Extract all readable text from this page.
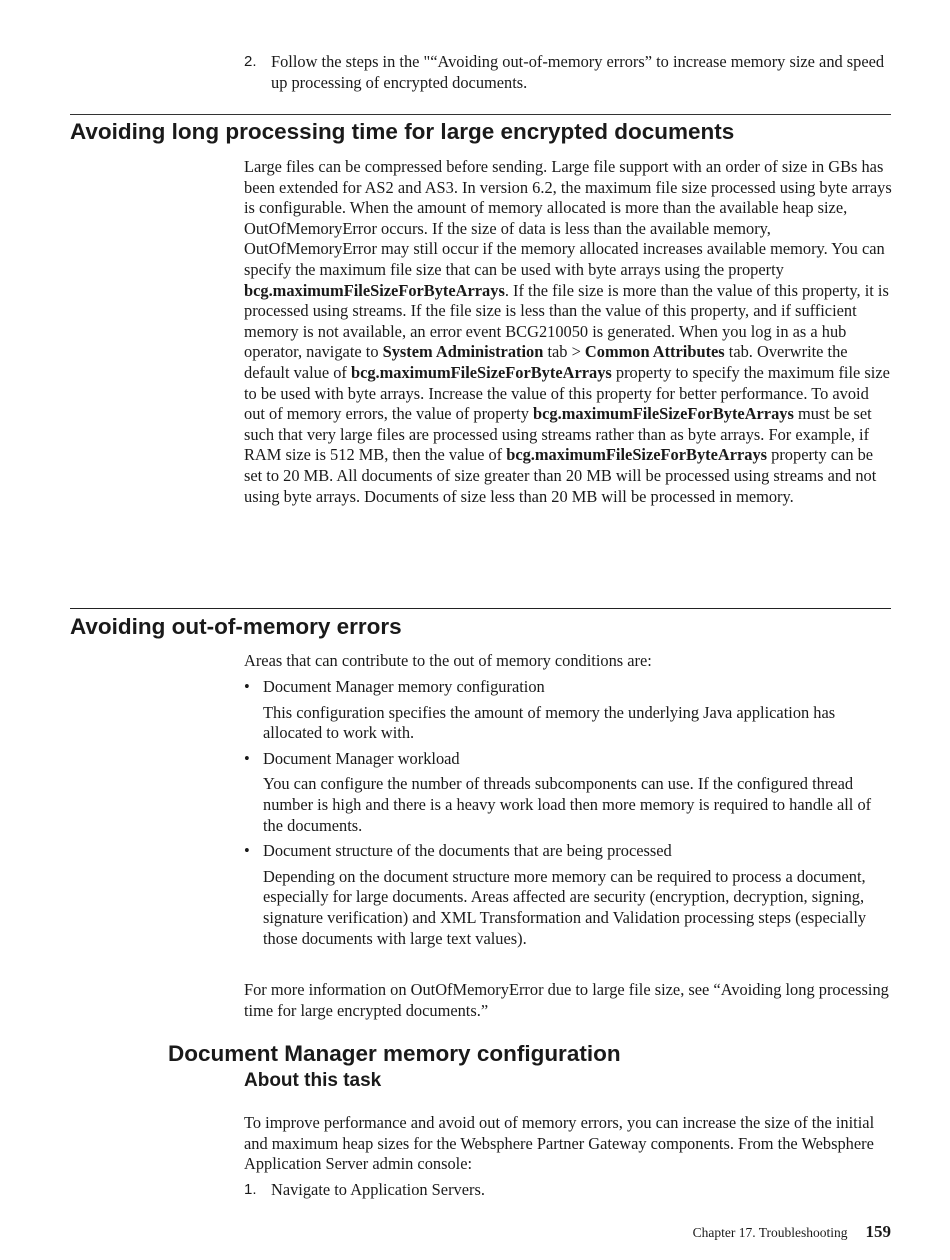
2. Follow the steps in the "“Avoiding out-of-memory errors” to increase memory size and speed up processing of encrypted documents.
Avoiding long processing time for large encrypted documents

Large files can be compressed before sending. Large file support with an order of size in GBs has been extended for AS2 and AS3. In version 6.2, the maximum file size processed using byte arrays is configurable. When the amount of memory allocated is more than the available heap size, OutOfMemoryError occurs. If the size of data is less than the available memory, OutOfMemoryError may still occur if the memory allocated increases available memory. You can specify the maximum file size that can be used with byte arrays using the property bcg.maximumFileSizeForByteArrays. If the file size is more than the value of this property, it is processed using streams. If the file size is less than the value of this property, and if sufficient memory is not available, an error event BCG210050 is generated. When you log in as a hub operator, navigate to System Administration tab > Common Attributes tab. Overwrite the default value of bcg.maximumFileSizeForByteArrays property to specify the maximum file size to be used with byte arrays. Increase the value of this property for better performance. To avoid out of memory errors, the value of property bcg.maximumFileSizeForByteArrays must be set such that very large files are processed using streams rather than as byte arrays. For example, if RAM size is 512 MB, then the value of bcg.maximumFileSizeForByteArrays property can be set to 20 MB. All documents of size greater than 20 MB will be processed using streams and not using byte arrays. Documents of size less than 20 MB will be processed in memory.

Avoiding out-of-memory errors

Areas that can contribute to the out of memory conditions are:

• Document Manager memory configuration
This configuration specifies the amount of memory the underlying Java application has allocated to work with.
• Document Manager workload
You can configure the number of threads subcomponents can use. If the configured thread number is high and there is a heavy work load then more memory is required to handle all of the documents.
• Document structure of the documents that are being processed
Depending on the document structure more memory can be required to process a document, especially for large documents. Areas affected are security (encryption, decryption, signing, signature verification) and XML Transformation and Validation processing steps (especially those documents with large text values).

For more information on OutOfMemoryError due to large file size, see “Avoiding long processing time for large encrypted documents.”

Document Manager memory configuration
About this task

To improve performance and avoid out of memory errors, you can increase the size of the initial and maximum heap sizes for the Websphere Partner Gateway components. From the Websphere Application Server admin console:

1. Navigate to Application Servers.
Chapter 17. Troubleshooting 159
